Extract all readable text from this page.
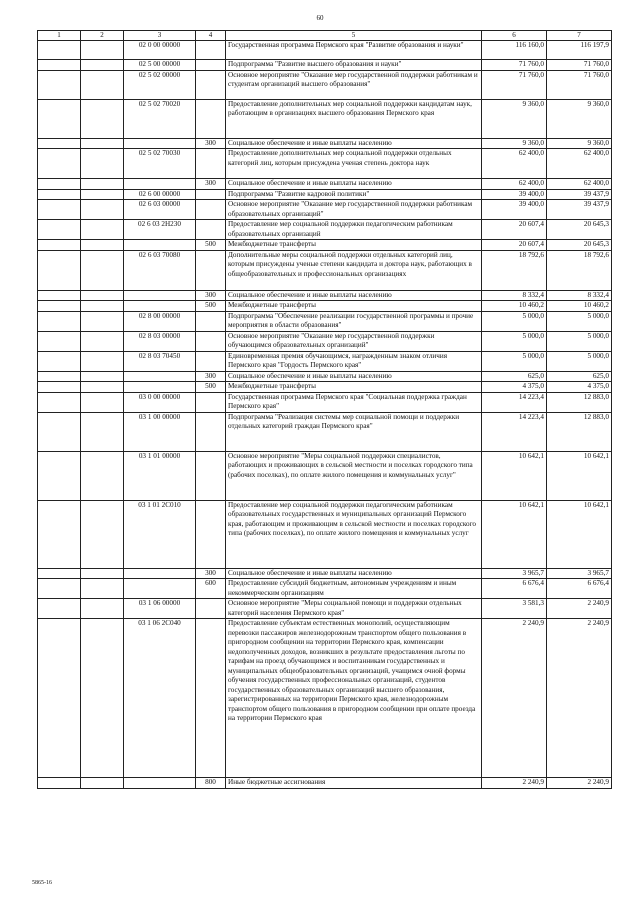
60
1	2	3	4	5	6	7
		02 0 00 00000		Государственная программа Пермского края "Развитие образования и науки"	116 160,0	116 197,9
		02 5 00 00000		Подпрограмма "Развитие высшего образования и науки"	71 760,0	71 760,0
		02 5 02 00000		Основное мероприятие "Оказание мер государственной поддержки работникам и студентам организаций высшего образования"	71 760,0	71 760,0
		02 5 02 70020		Предоставление дополнительных мер социальной поддержки кандидатам наук, работающим в организациях высшего образования Пермского края	9 360,0	9 360,0
			300	Социальное обеспечение и иные выплаты населению	9 360,0	9 360,0
		02 5 02 70030		Предоставление дополнительных мер социальной поддержки отдельных категорий лиц, которым присуждена ученая степень доктора наук	62 400,0	62 400,0
			300	Социальное обеспечение и иные выплаты населению	62 400,0	62 400,0
		02 6 00 00000		Подпрограмма "Развитие кадровой политики"	39 400,0	39 437,9
		02 6 03 00000		Основное мероприятие "Оказание мер государственной поддержки работникам образовательных организаций"	39 400,0	39 437,9
		02 6 03 2Н230		Предоставление мер социальной поддержки педагогическим работникам образовательных организаций	20 607,4	20 645,3
			500	Межбюджетные трансферты	20 607,4	20 645,3
		02 6 03 70080		Дополнительные меры социальной поддержки отдельных категорий лиц, которым присуждены ученые степени кандидата и доктора наук, работающих в общеобразовательных и профессиональных организациях	18 792,6	18 792,6
			300	Социальное обеспечение и иные выплаты населению	8 332,4	8 332,4
			500	Межбюджетные трансферты	10 460,2	10 460,2
		02 8 00 00000		Подпрограмма "Обеспечение реализации государственной программы и прочие мероприятия в области образования"	5 000,0	5 000,0
		02 8 03 00000		Основное мероприятие "Оказание мер государственной поддержки обучающимся образовательных организаций"	5 000,0	5 000,0
		02 8 03 70450		Единовременная премия обучающимся, награжденным знаком отличия Пермского края "Гордость Пермского края"	5 000,0	5 000,0
			300	Социальное обеспечение и иные выплаты населению	625,0	625,0
			500	Межбюджетные трансферты	4 375,0	4 375,0
		03 0 00 00000		Государственная программа Пермского края "Социальная поддержка граждан Пермского края"	14 223,4	12 883,0
		03 1 00 00000		Подпрограмма "Реализация системы мер социальной помощи и поддержки отдельных категорий граждан Пермского края"	14 223,4	12 883,0
		03 1 01 00000		Основное мероприятие "Меры социальной поддержки специалистов, работающих и проживающих в сельской местности и поселках городского типа (рабочих поселках), по оплате жилого помещения и коммунальных услуг"	10 642,1	10 642,1
		03 1 01 2С010		Предоставление мер социальной поддержки педагогическим работникам образовательных государственных и муниципальных организаций Пермского края, работающим и проживающим в сельской местности и поселках городского типа (рабочих поселках), по оплате жилого помещения и коммунальных услуг	10 642,1	10 642,1
			300	Социальное обеспечение и иные выплаты населению	3 965,7	3 965,7
			600	Предоставление субсидий бюджетным, автономным учреждениям и иным некоммерческим организациям	6 676,4	6 676,4
		03 1 06 00000		Основное мероприятие "Меры социальной помощи и поддержки отдельных категорий населения Пермского края"	3 581,3	2 240,9
		03 1 06 2С040		Предоставление субъектам естественных монополий, осуществляющим перевозки пассажиров железнодорожным транспортом общего пользования в пригородном сообщении на территории Пермского края, компенсации недополученных доходов, возникших в результате предоставления льготы по тарифам на проезд обучающимся и воспитанникам государственных и муниципальных общеобразовательных организаций, учащимся очной формы обучения государственных профессиональных организаций, студентов государственных образовательных организаций высшего образования, зарегистрированных на территории Пермского края, железнодорожным транспортом общего пользования в пригородном сообщении при оплате проезда на территории Пермского края	2 240,9	2 240,9
			800	Иные бюджетные ассигнования	2 240,9	2 240,9
5865-16
